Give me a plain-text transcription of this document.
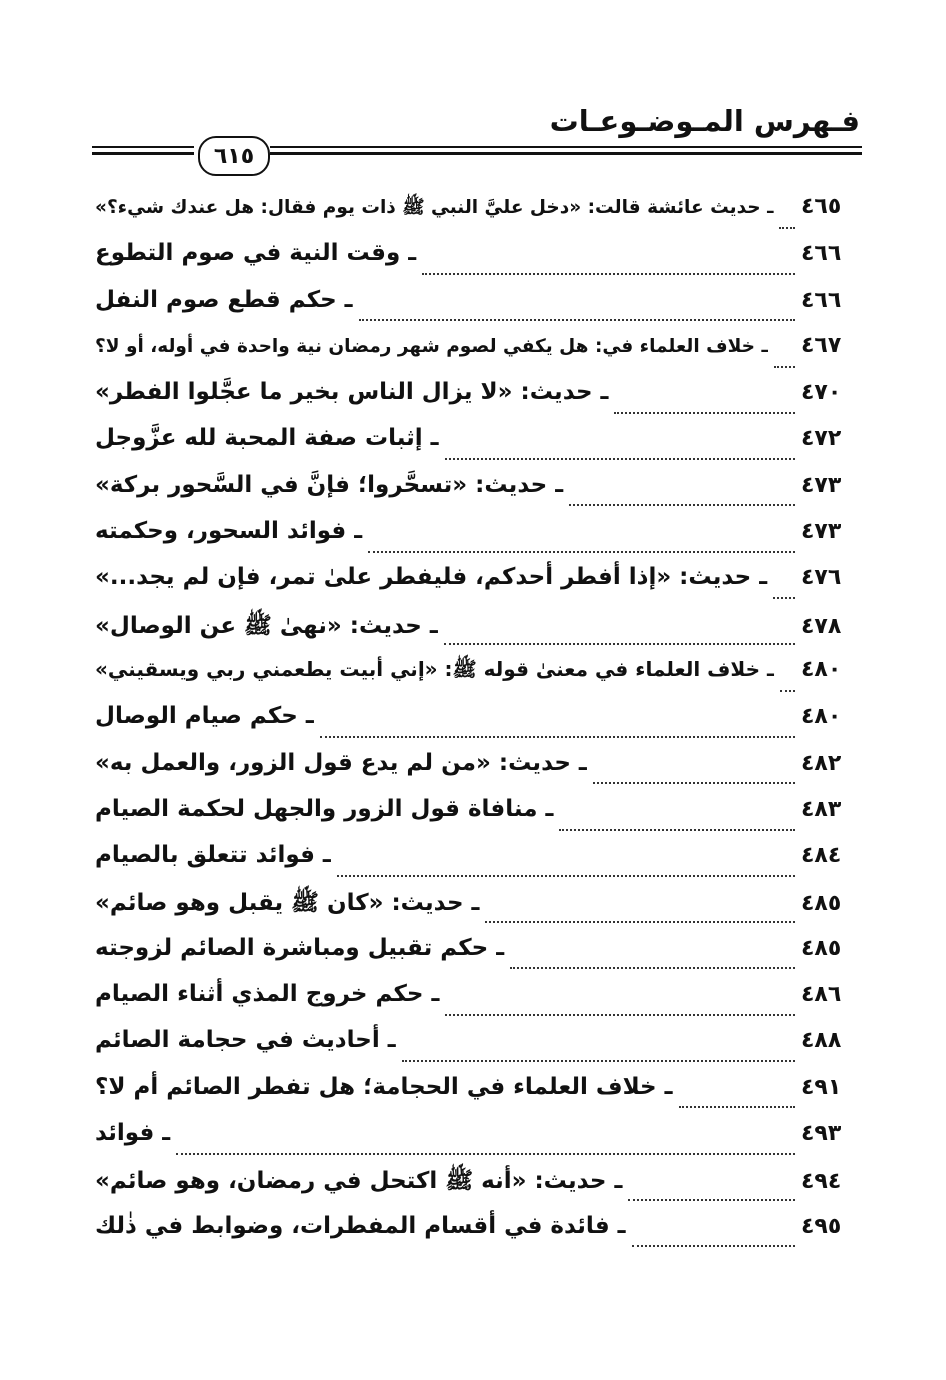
فـهرس المـوضـوعـات
٦١٥
ـ حديث عائشة قالت: «دخل عليَّ النبي ﷺ ذات يوم فقال: هل عندك شيء؟» ٤٦٥
ـ وقت النية في صوم التطوع	٤٦٦
ـ حكم قطع صوم النفل	٤٦٦
ـ خلاف العلماء في: هل يكفي لصوم شهر رمضان نية واحدة في أوله، أو لا؟ ٤٦٧
ـ حديث: «لا يزال الناس بخير ما عجَّلوا الفطر»	٤٧٠
ـ إثبات صفة المحبة لله عزَّوجل	٤٧٢
ـ حديث: «تسحَّروا؛ فإنَّ في السَّحور بركة»	٤٧٣
ـ فوائد السحور، وحكمته	٤٧٣
ـ حديث: «إذا أفطر أحدكم، فليفطر علىٰ تمر، فإن لم يجد...» ٤٧٦
ـ حديث: «نهىٰ ﷺ عن الوصال»	٤٧٨
ـ خلاف العلماء في معنىٰ قوله ﷺ: «إني أبيت يطعمني ربي ويسقيني» ٤٨٠
ـ حكم صيام الوصال	٤٨٠
ـ حديث: «من لم يدع قول الزور، والعمل به»	٤٨٢
ـ منافاة قول الزور والجهل لحكمة الصيام	٤٨٣
ـ فوائد تتعلق بالصيام	٤٨٤
ـ حديث: «كان ﷺ يقبل وهو صائم»	٤٨٥
ـ حكم تقبيل ومباشرة الصائم لزوجته	٤٨٥
ـ حكم خروج المذي أثناء الصيام	٤٨٦
ـ أحاديث في حجامة الصائم	٤٨٨
ـ خلاف العلماء في الحجامة؛ هل تفطر الصائم أم لا؟	٤٩١
ـ فوائد	٤٩٣
ـ حديث: «أنه ﷺ اكتحل في رمضان، وهو صائم»	٤٩٤
ـ فائدة في أقسام المفطرات، وضوابط في ذٰلك	٤٩٥
